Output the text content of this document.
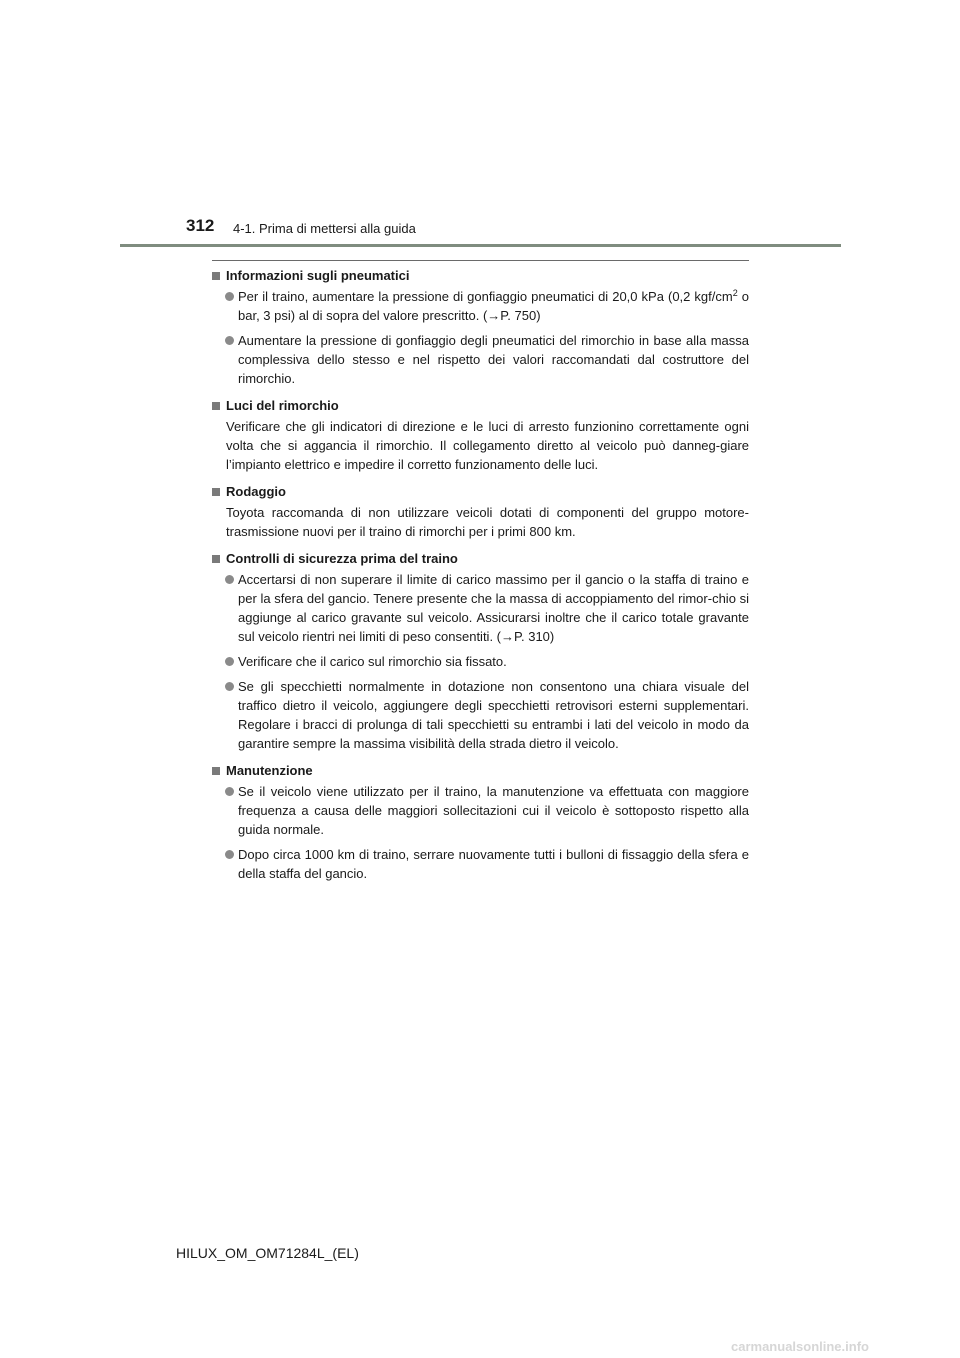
312 4-1. Prima di mettersi alla guida
Informazioni sugli pneumatici
Per il traino, aumentare la pressione di gonfiaggio pneumatici di 20,0 kPa (0,2 kgf/$cm^2$ o bar, 3 psi) al di sopra del valore prescritto. (→P. 750)
Aumentare la pressione di gonfiaggio degli pneumatici del rimorchio in base alla massa complessiva dello stesso e nel rispetto dei valori raccomandati dal costruttore del rimorchio.
Luci del rimorchio
Verificare che gli indicatori di direzione e le luci di arresto funzionino correttamente ogni volta che si aggancia il rimorchio. Il collegamento diretto al veicolo può danneg-giare l’impianto elettrico e impedire il corretto funzionamento delle luci.
Rodaggio
Toyota raccomanda di non utilizzare veicoli dotati di componenti del gruppo motore-trasmissione nuovi per il traino di rimorchi per i primi 800 km.
Controlli di sicurezza prima del traino
Accertarsi di non superare il limite di carico massimo per il gancio o la staffa di traino e per la sfera del gancio. Tenere presente che la massa di accoppiamento del rimor-chio si aggiunge al carico gravante sul veicolo. Assicurarsi inoltre che il carico totale gravante sul veicolo rientri nei limiti di peso consentiti. (→P. 310)
Verificare che il carico sul rimorchio sia fissato.
Se gli specchietti normalmente in dotazione non consentono una chiara visuale del traffico dietro il veicolo, aggiungere degli specchietti retrovisori esterni supplementari. Regolare i bracci di prolunga di tali specchietti su entrambi i lati del veicolo in modo da garantire sempre la massima visibilità della strada dietro il veicolo.
Manutenzione
Se il veicolo viene utilizzato per il traino, la manutenzione va effettuata con maggiore frequenza a causa delle maggiori sollecitazioni cui il veicolo è sottoposto rispetto alla guida normale.
Dopo circa 1000 km di traino, serrare nuovamente tutti i bulloni di fissaggio della sfera e della staffa del gancio.
HILUX_OM_OM71284L_(EL)
carmanualsonline.info
